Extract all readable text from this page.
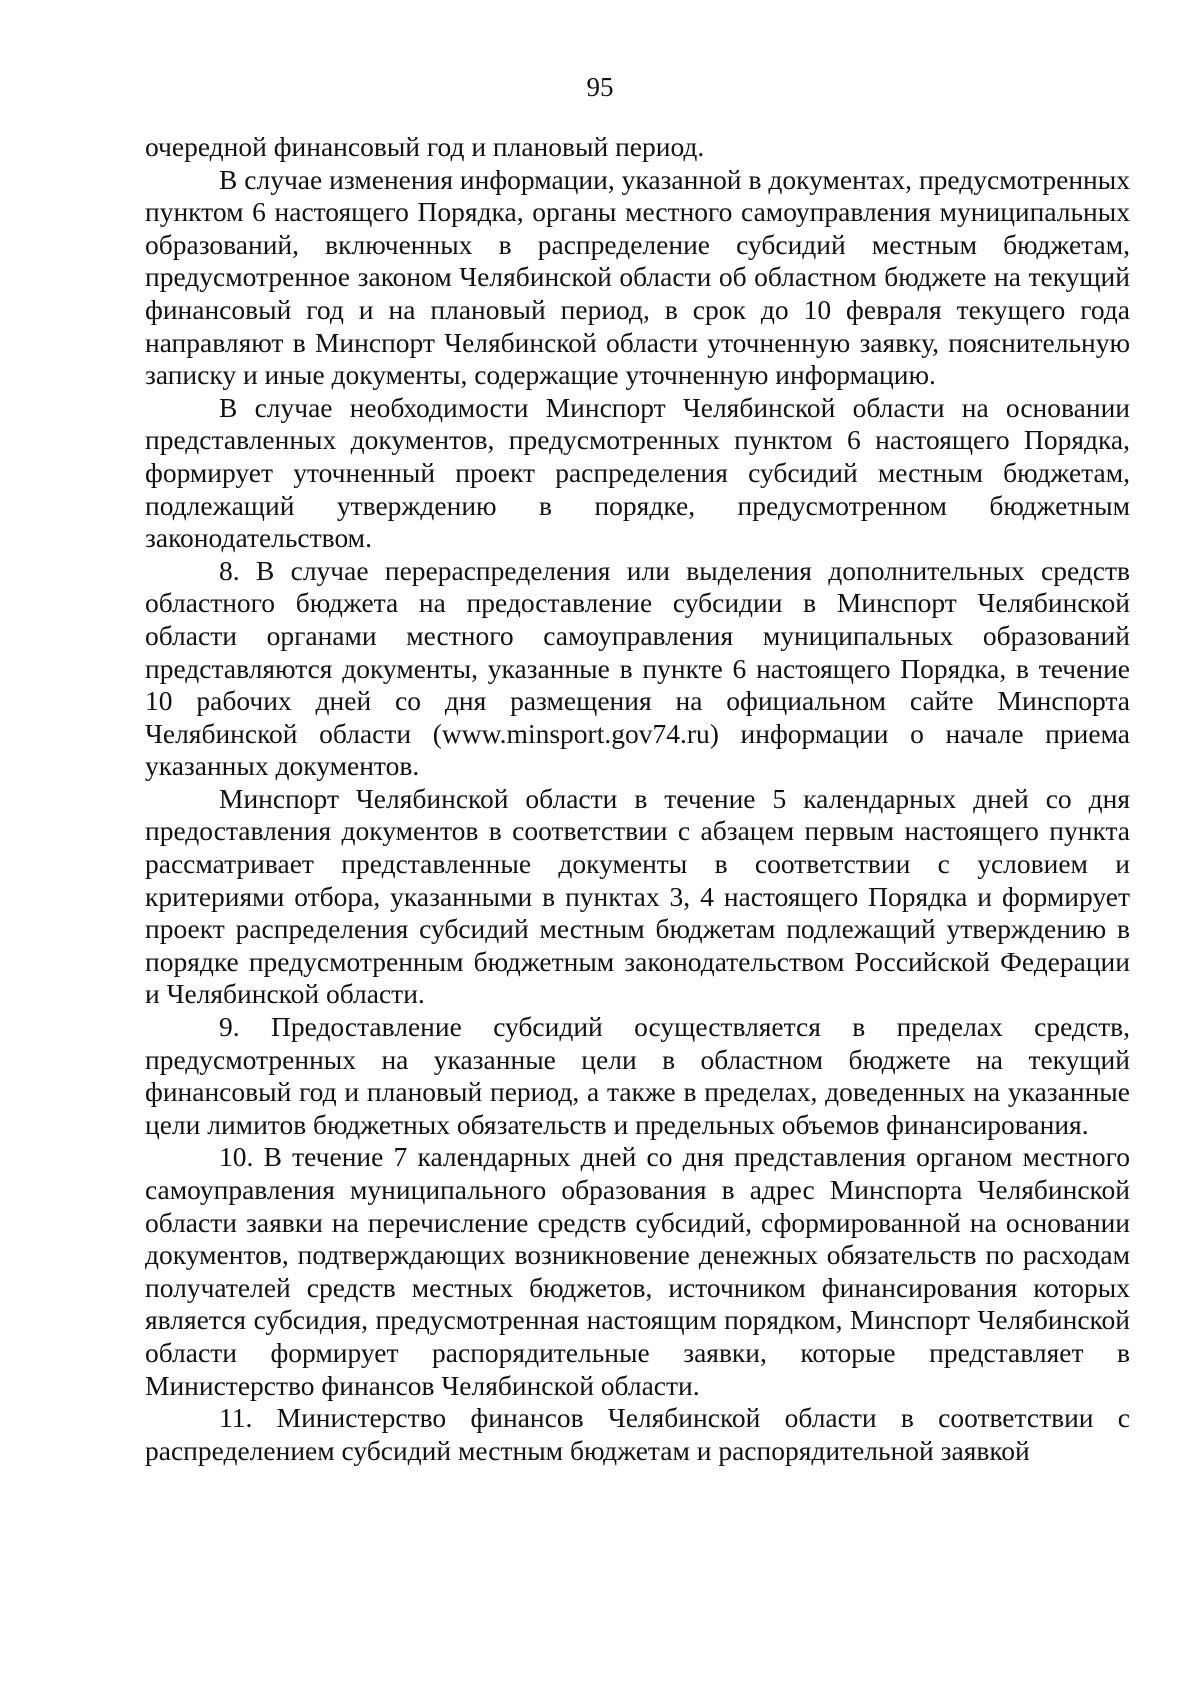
95

очередной финансовый год и плановый период.

В случае изменения информации, указанной в документах, предусмотренных пунктом 6 настоящего Порядка, органы местного самоуправления муниципальных образований, включенных в распределение субсидий местным бюджетам, предусмотренное законом Челябинской области об областном бюджете на текущий финансовый год и на плановый период, в срок до 10 февраля текущего года направляют в Минспорт Челябинской области уточненную заявку, пояснительную записку и иные документы, содержащие уточненную информацию.

В случае необходимости Минспорт Челябинской области на основании представленных документов, предусмотренных пунктом 6 настоящего Порядка, формирует уточненный проект распределения субсидий местным бюджетам, подлежащий утверждению в порядке, предусмотренном бюджетным законодательством.

8. В случае перераспределения или выделения дополнительных средств областного бюджета на предоставление субсидии в Минспорт Челябинской области органами местного самоуправления муниципальных образований представляются документы, указанные в пункте 6 настоящего Порядка, в течение 10 рабочих дней со дня размещения на официальном сайте Минспорта Челябинской области (www.minsport.gov74.ru) информации о начале приема указанных документов.

Минспорт Челябинской области в течение 5 календарных дней со дня предоставления документов в соответствии с абзацем первым настоящего пункта рассматривает представленные документы в соответствии с условием и критериями отбора, указанными в пунктах 3, 4 настоящего Порядка и формирует проект распределения субсидий местным бюджетам подлежащий утверждению в порядке предусмотренным бюджетным законодательством Российской Федерации и Челябинской области.

9. Предоставление субсидий осуществляется в пределах средств, предусмотренных на указанные цели в областном бюджете на текущий финансовый год и плановый период, а также в пределах, доведенных на указанные цели лимитов бюджетных обязательств и предельных объемов финансирования.

10. В течение 7 календарных дней со дня представления органом местного самоуправления муниципального образования в адрес Минспорта Челябинской области заявки на перечисление средств субсидий, сформированной на основании документов, подтверждающих возникновение денежных обязательств по расходам получателей средств местных бюджетов, источником финансирования которых является субсидия, предусмотренная настоящим порядком, Минспорт Челябинской области формирует распорядительные заявки, которые представляет в Министерство финансов Челябинской области.

11. Министерство финансов Челябинской области в соответствии с распределением субсидий местным бюджетам и распорядительной заявкой
